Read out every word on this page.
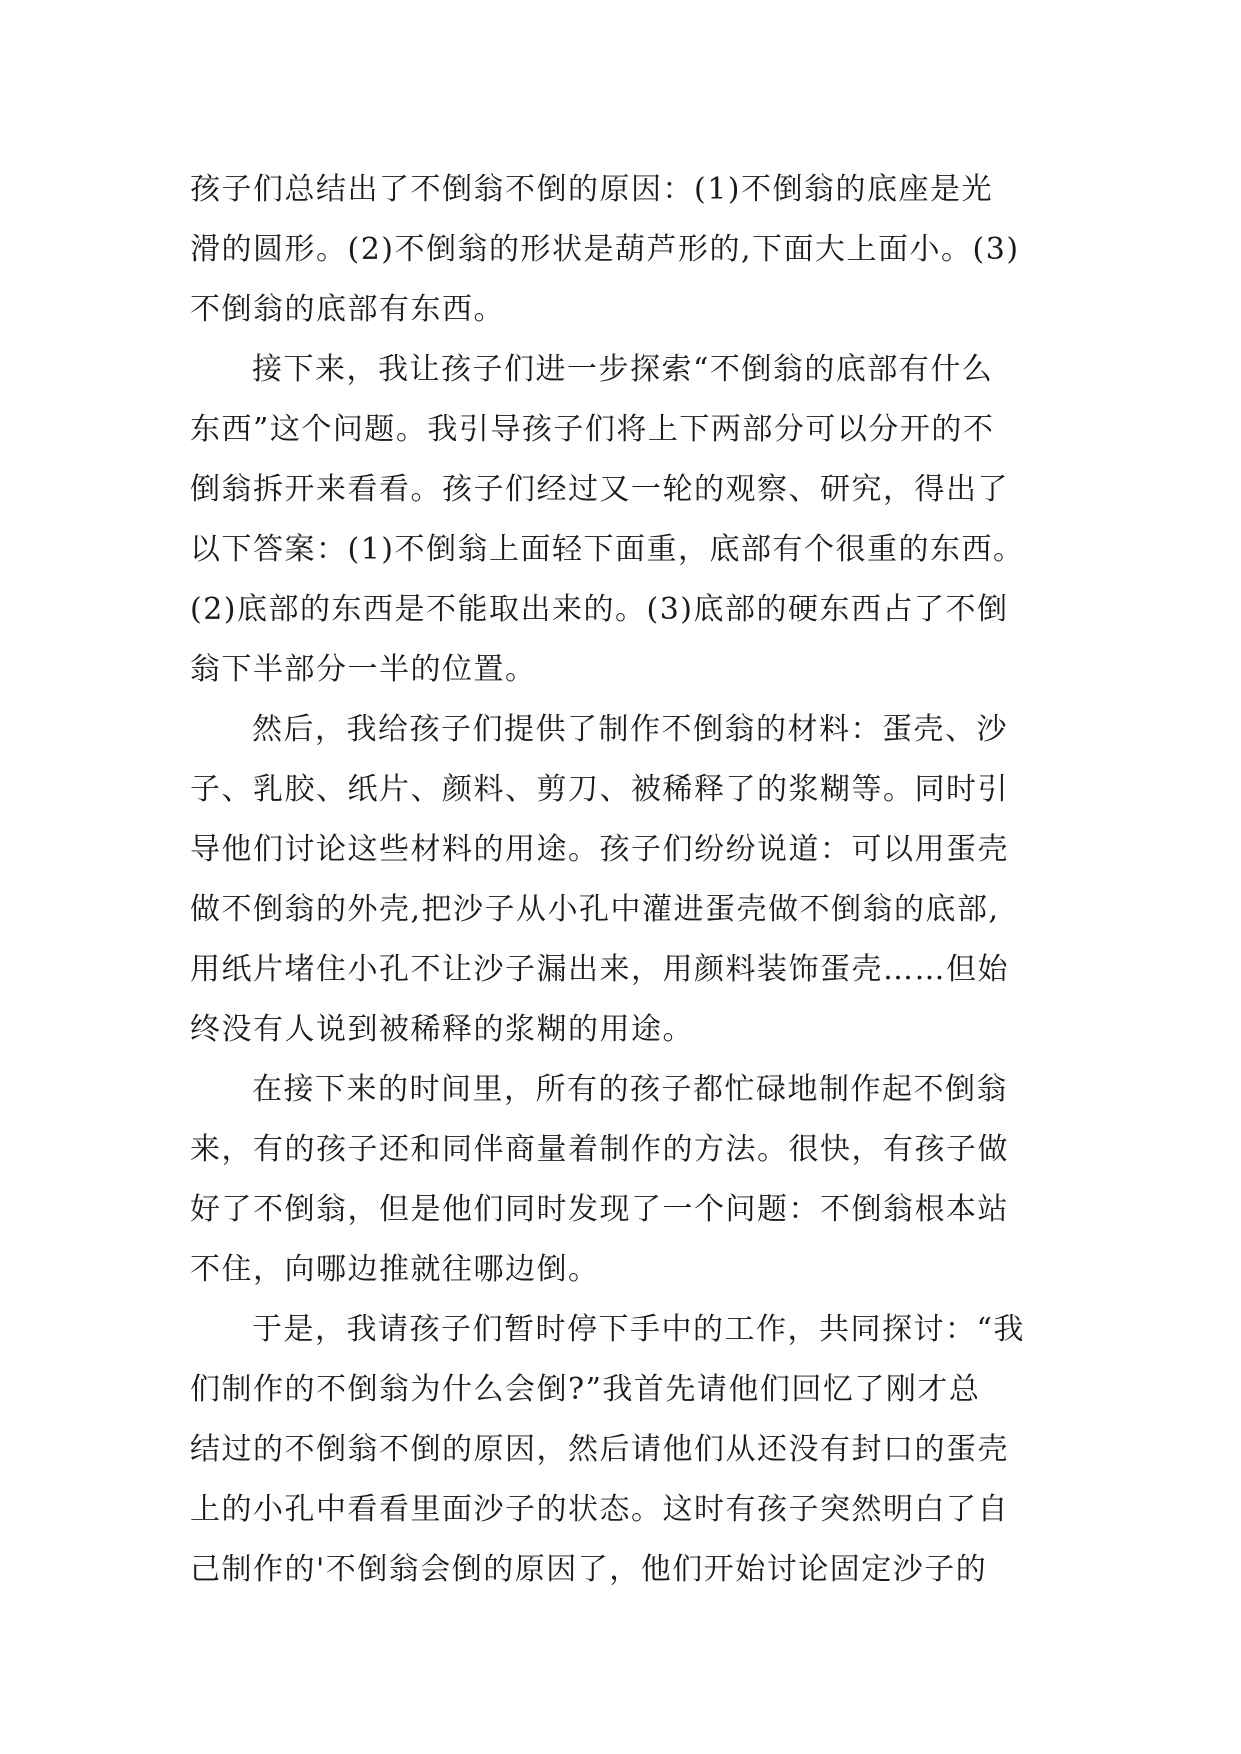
孩子们总结出了不倒翁不倒的原因：(1)不倒翁的底座是光
滑的圆形。(2)不倒翁的形状是葫芦形的,下面大上面小。(3)
不倒翁的底部有东西。
接下来，我让孩子们进一步探索“不倒翁的底部有什么
东西”这个问题。我引导孩子们将上下两部分可以分开的不
倒翁拆开来看看。孩子们经过又一轮的观察、研究，得出了
以下答案：(1)不倒翁上面轻下面重，底部有个很重的东西。
(2)底部的东西是不能取出来的。(3)底部的硬东西占了不倒
翁下半部分一半的位置。
然后，我给孩子们提供了制作不倒翁的材料：蛋壳、沙
子、乳胶、纸片、颜料、剪刀、被稀释了的浆糊等。同时引
导他们讨论这些材料的用途。孩子们纷纷说道：可以用蛋壳
做不倒翁的外壳,把沙子从小孔中灌进蛋壳做不倒翁的底部,
用纸片堵住小孔不让沙子漏出来，用颜料装饰蛋壳……但始
终没有人说到被稀释的浆糊的用途。
在接下来的时间里，所有的孩子都忙碌地制作起不倒翁
来，有的孩子还和同伴商量着制作的方法。很快，有孩子做
好了不倒翁，但是他们同时发现了一个问题：不倒翁根本站
不住，向哪边推就往哪边倒。
于是，我请孩子们暂时停下手中的工作，共同探讨：“我
们制作的不倒翁为什么会倒?”我首先请他们回忆了刚才总
结过的不倒翁不倒的原因，然后请他们从还没有封口的蛋壳
上的小孔中看看里面沙子的状态。这时有孩子突然明白了自
己制作的'不倒翁会倒的原因了，他们开始讨论固定沙子的
